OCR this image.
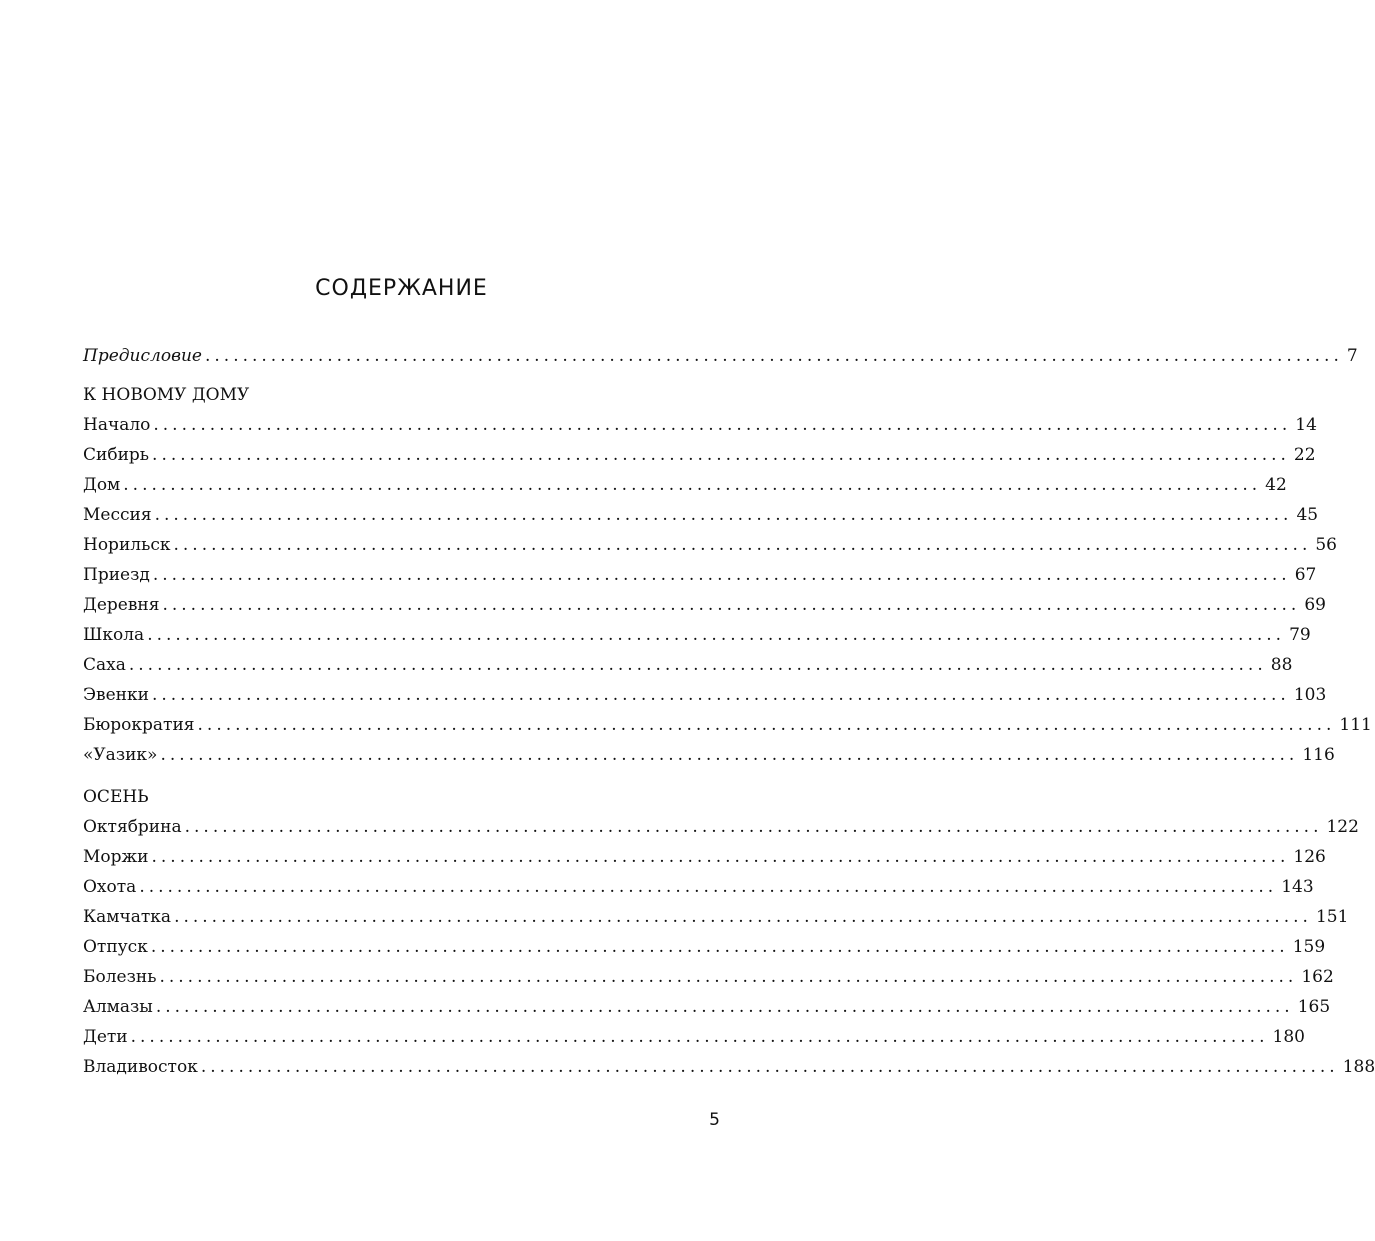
СОДЕРЖАНИЕ
Предисловие ......................................................................................................................... 7
К НОВОМУ ДОМУ
Начало ......................................................................................................................... 14
Сибирь ......................................................................................................................... 22
Дом ......................................................................................................................... 42
Мессия ......................................................................................................................... 45
Норильск ......................................................................................................................... 56
Приезд ......................................................................................................................... 67
Деревня ......................................................................................................................... 69
Школа ......................................................................................................................... 79
Саха ......................................................................................................................... 88
Эвенки ......................................................................................................................... 103
Бюрократия ......................................................................................................................... 111
«Уазик» ......................................................................................................................... 116
ОСЕНЬ
Октябрина ......................................................................................................................... 122
Моржи ......................................................................................................................... 126
Охота ......................................................................................................................... 143
Камчатка ......................................................................................................................... 151
Отпуск ......................................................................................................................... 159
Болезнь ......................................................................................................................... 162
Алмазы ......................................................................................................................... 165
Дети ......................................................................................................................... 180
Владивосток ......................................................................................................................... 188
5
